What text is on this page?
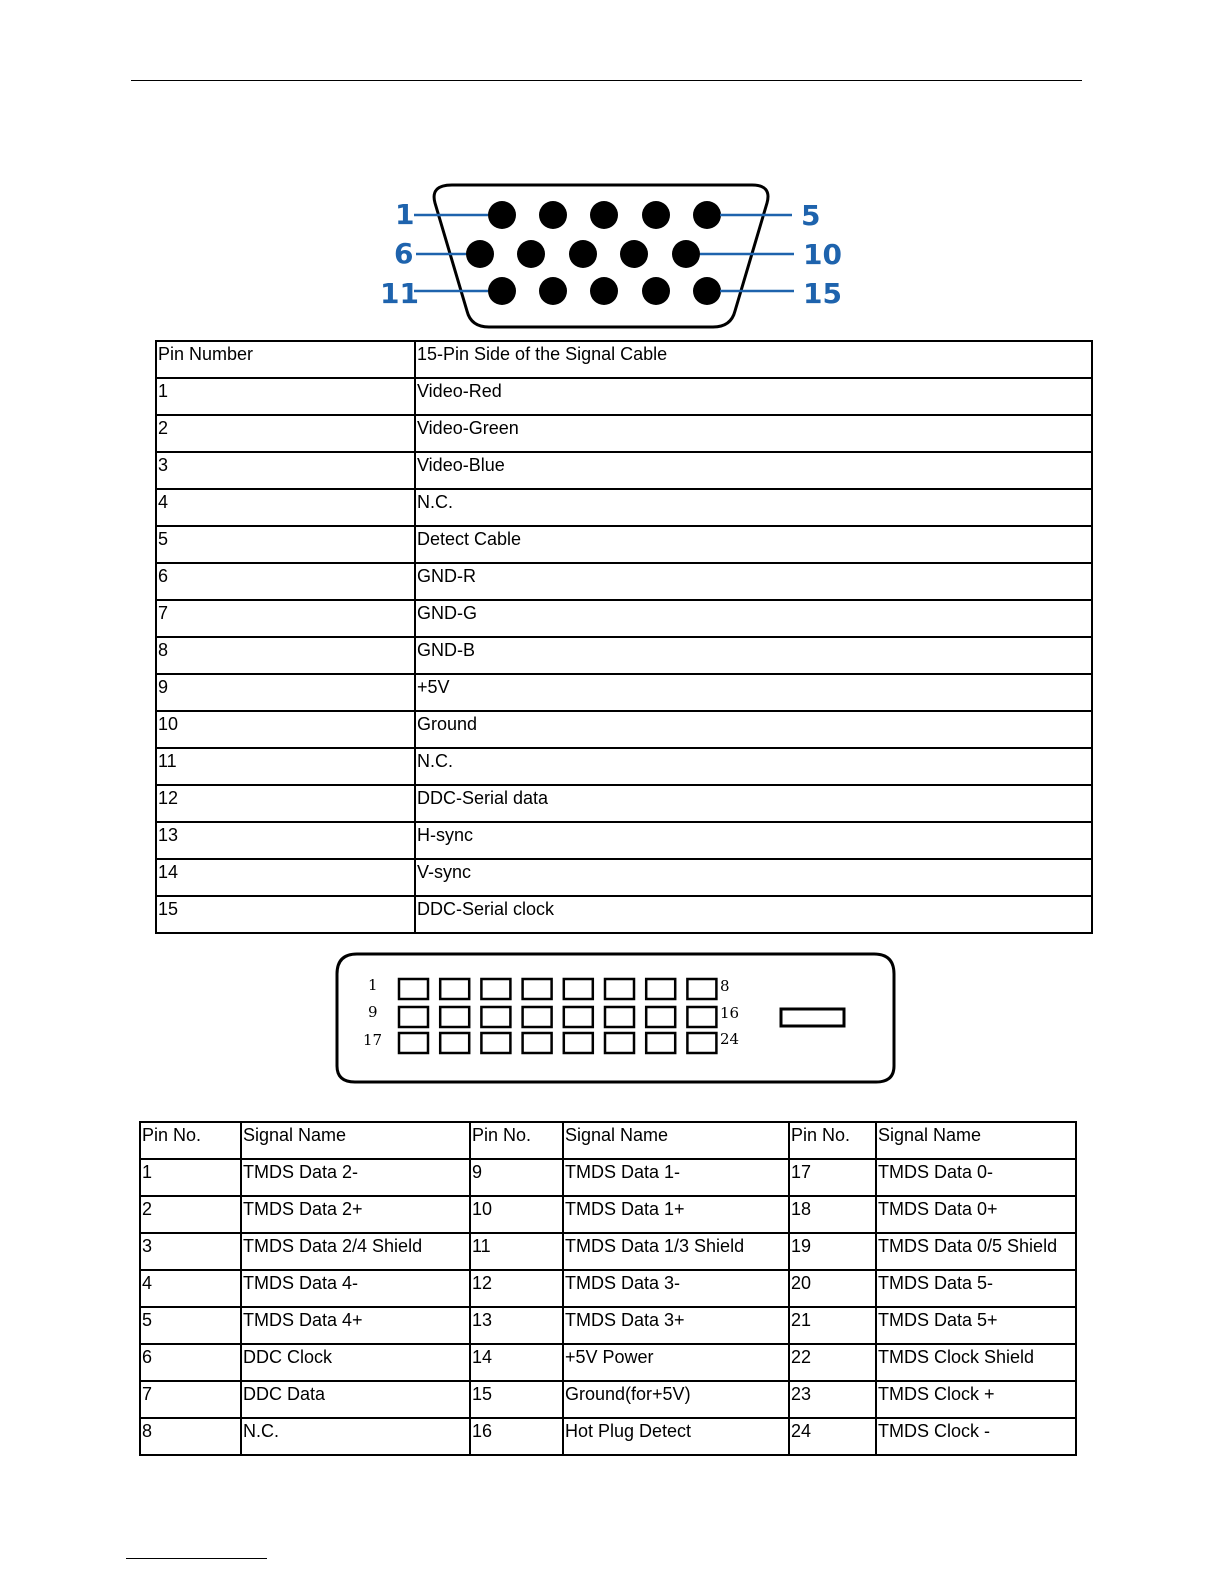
1
6
11
5
10
15
Pin Number	15-Pin Side of the Signal Cable
1	Video-Red
2	Video-Green
3	Video-Blue
4	N.C.
5	Detect Cable
6	GND-R
7	GND-G
8	GND-B
9	+5V
10	Ground
11	N.C.
12	DDC-Serial data
13	H-sync
14	V-sync
15	DDC-Serial clock
1	8
9	16
17	24
Pin No.	Signal Name	Pin No.	Signal Name	Pin No.	Signal Name
1	TMDS Data 2-	9	TMDS Data 1-	17	TMDS Data 0-
2	TMDS Data 2+	10	TMDS Data 1+	18	TMDS Data 0+
3	TMDS Data 2/4 Shield	11	TMDS Data 1/3 Shield	19	TMDS Data 0/5 Shield
4	TMDS Data 4-	12	TMDS Data 3-	20	TMDS Data 5-
5	TMDS Data 4+	13	TMDS Data 3+	21	TMDS Data 5+
6	DDC Clock	14	+5V Power	22	TMDS Clock Shield
7	DDC Data	15	Ground(for+5V)	23	TMDS Clock +
8	N.C.	16	Hot Plug Detect	24	TMDS Clock -
